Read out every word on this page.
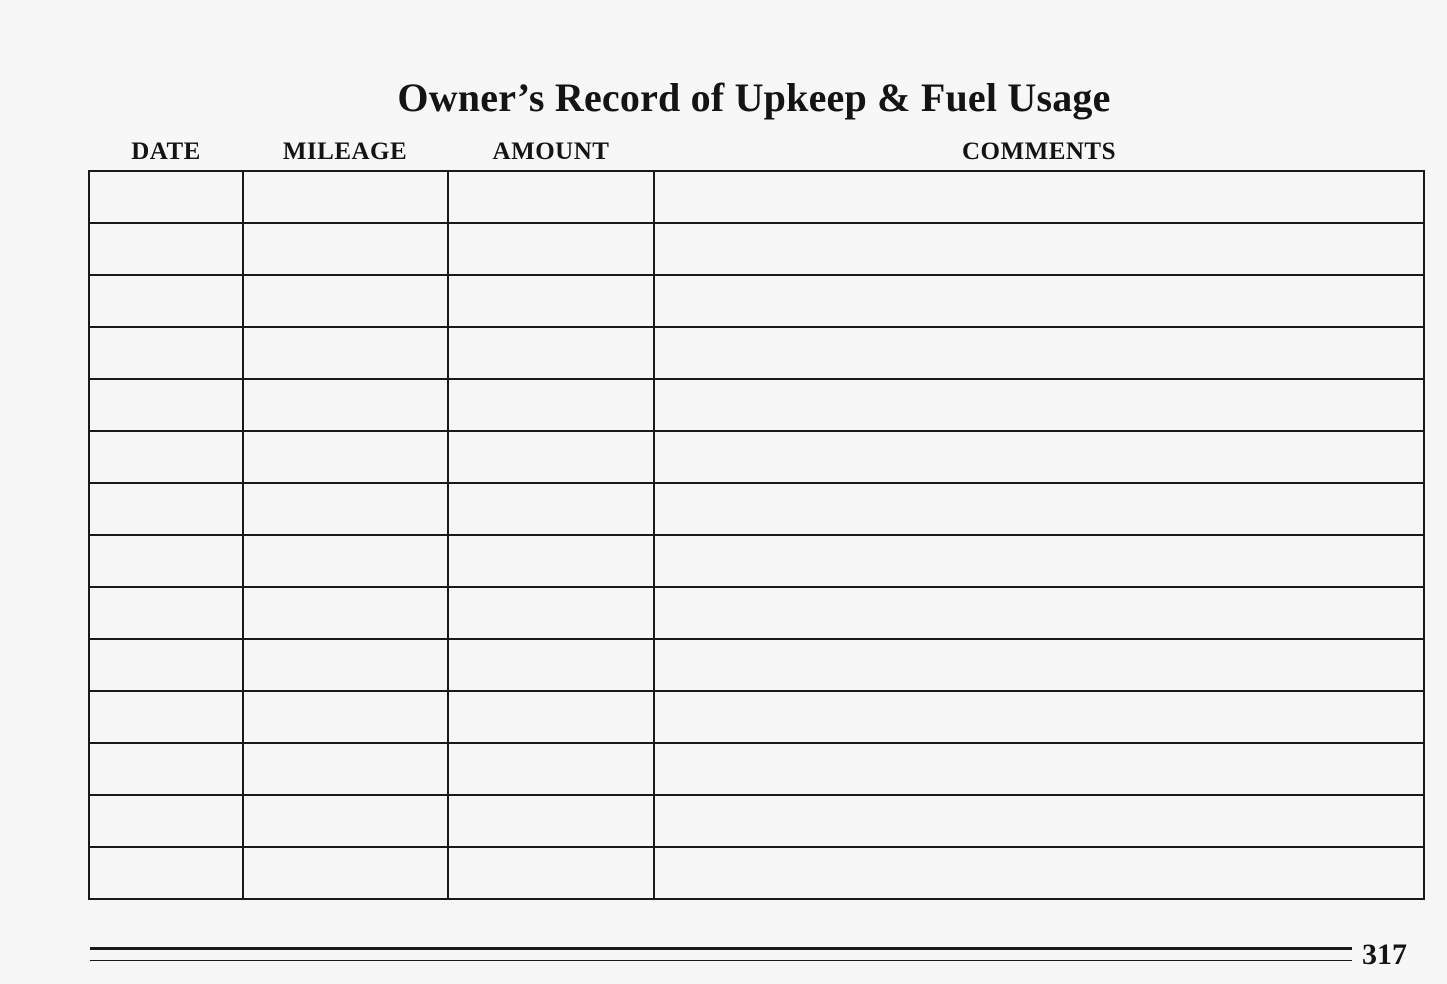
Owner’s Record of Upkeep & Fuel Usage
DATE	MILEAGE	AMOUNT	COMMENTS

317
